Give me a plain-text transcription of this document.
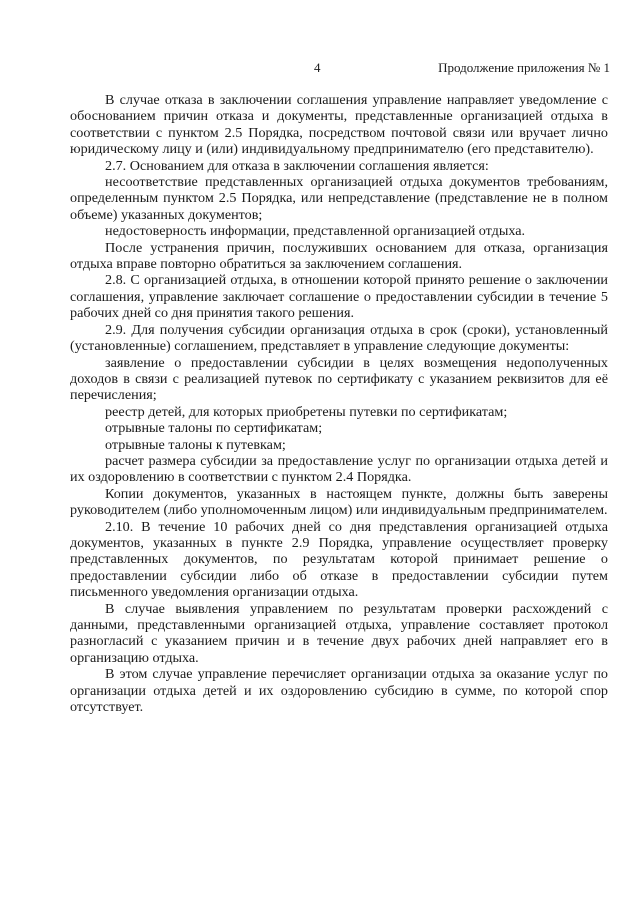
4	Продолжение приложения № 1

В случае отказа в заключении соглашения управление направляет уведомление с обоснованием причин отказа и документы, представленные организацией отдыха в соответствии с пунктом 2.5 Порядка, посредством почтовой связи или вручает лично юридическому лицу и (или) индивидуальному предпринимателю (его представителю).

2.7. Основанием для отказа в заключении соглашения является:

несоответствие представленных организацией отдыха документов требованиям, определенным пунктом 2.5 Порядка, или непредставление (представление не в полном объеме) указанных документов;

недостоверность информации, представленной организацией отдыха.

После устранения причин, послуживших основанием для отказа, организация отдыха вправе повторно обратиться за заключением соглашения.

2.8. С организацией отдыха, в отношении которой принято решение о заключении соглашения, управление заключает соглашение о предоставлении субсидии в течение 5 рабочих дней со дня принятия такого решения.

2.9. Для получения субсидии организация отдыха в срок (сроки), установленный (установленные) соглашением, представляет в управление следующие документы:

заявление о предоставлении субсидии в целях возмещения недополученных доходов в связи с реализацией путевок по сертификату с указанием реквизитов для её перечисления;

реестр детей, для которых приобретены путевки по сертификатам;

отрывные талоны по сертификатам;

отрывные талоны к путевкам;

расчет размера субсидии за предоставление услуг по организации отдыха детей и их оздоровлению в соответствии с пунктом 2.4 Порядка.

Копии документов, указанных в настоящем пункте, должны быть заверены руководителем (либо уполномоченным лицом) или индивидуальным предпринимателем.

2.10. В течение 10 рабочих дней со дня представления организацией отдыха документов, указанных в пункте 2.9 Порядка, управление осуществляет проверку представленных документов, по результатам которой принимает решение о предоставлении субсидии либо об отказе в предоставлении субсидии путем письменного уведомления организации отдыха.

В случае выявления управлением по результатам проверки расхождений с данными, представленными организацией отдыха, управление составляет протокол разногласий с указанием причин и в течение двух рабочих дней направляет его в организацию отдыха.

В этом случае управление перечисляет организации отдыха за оказание услуг по организации отдыха детей и их оздоровлению субсидию в сумме, по которой спор отсутствует.
